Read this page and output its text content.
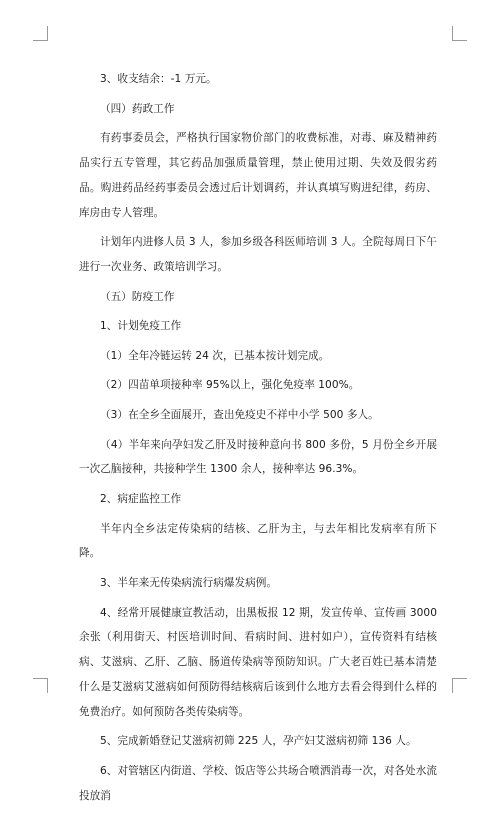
3、收支结余：-1 万元。

（四）药政工作

有药事委员会，严格执行国家物价部门的收费标准，对毒、麻及精神药品实行五专管理，其它药品加强质量管理，禁止使用过期、失效及假劣药品。购进药品经药事委员会透过后计划调药，并认真填写购进纪律，药房、库房由专人管理。

计划年内进修人员 3 人，参加乡级各科医师培训 3 人。全院每周日下午进行一次业务、政策培训学习。

（五）防疫工作

1、计划免疫工作

（1）全年冷链运转 24 次，已基本按计划完成。

（2）四苗单项接种率 95%以上，强化免疫率 100%。

（3）在全乡全面展开，查出免疫史不祥中小学 500 多人。

（4）半年来向孕妇发乙肝及时接种意向书 800 多份，5 月份全乡开展一次乙脑接种，共接种学生 1300 余人，接种率达 96.3%。

2、病症监控工作

半年内全乡法定传染病的结核、乙肝为主，与去年相比发病率有所下降。

3、半年来无传染病流行病爆发病例。

4、经常开展健康宣教活动，出黑板报 12 期，发宣传单、宣传画 3000 余张（利用街天、村医培训时间、看病时间、进村如户），宣传资料有结核病、艾滋病、乙肝、乙脑、肠道传染病等预防知识。广大老百姓已基本清楚什么是艾滋病艾滋病如何预防得结核病后该到什么地方去看会得到什么样的免费治疗。如何预防各类传染病等。

5、完成新婚登记艾滋病初筛 225 人，孕产妇艾滋病初筛 136 人。

6、对管辖区内街道、学校、饭店等公共场合喷洒消毒一次，对各处水流投放消
